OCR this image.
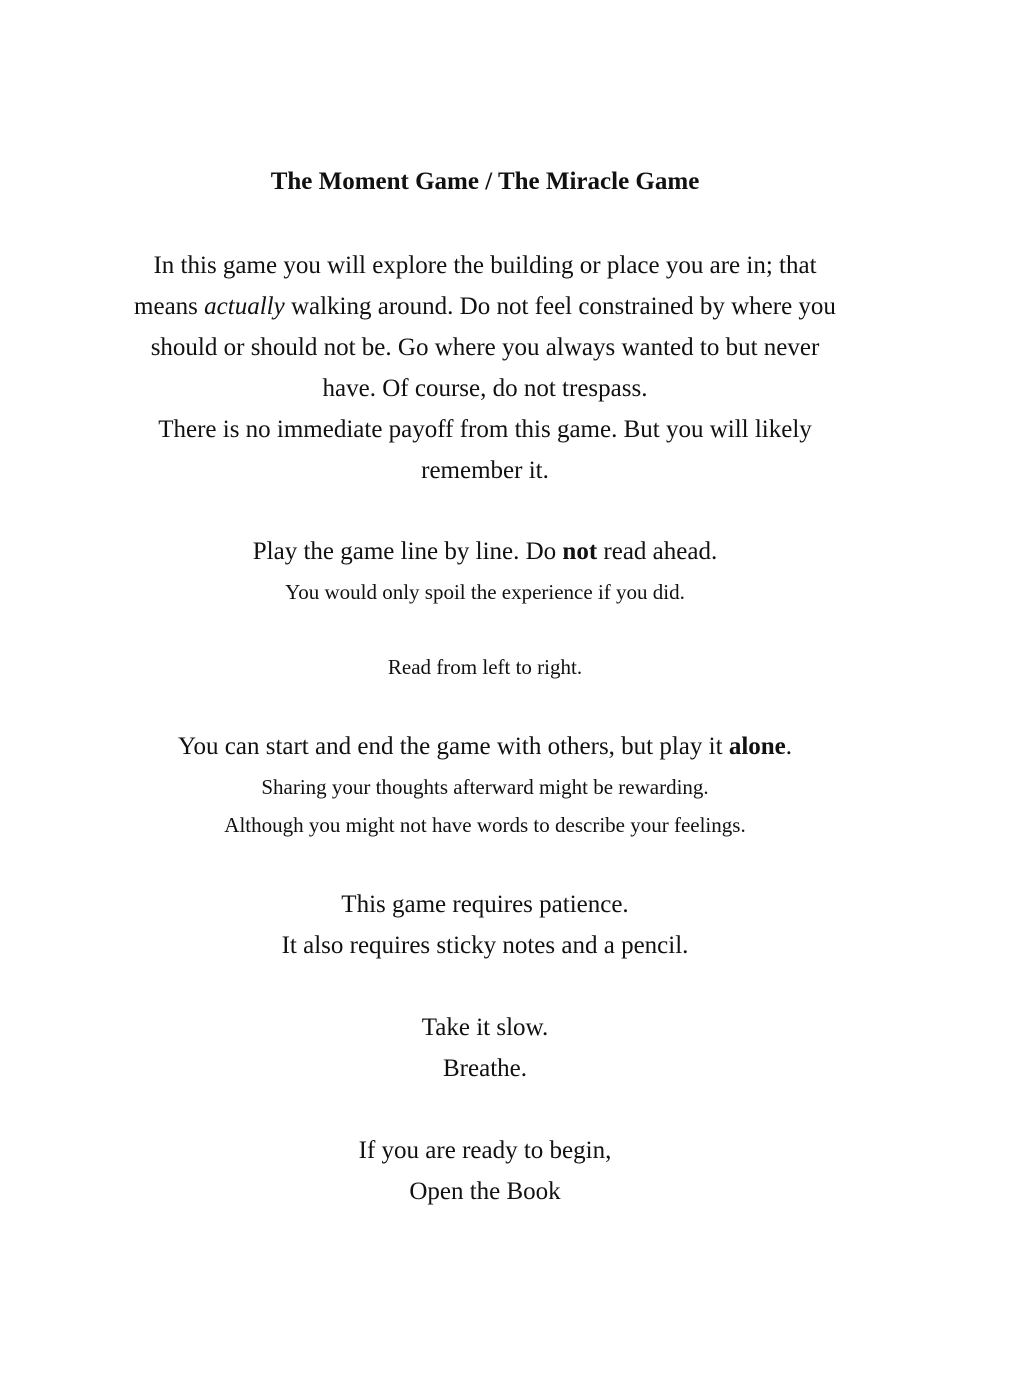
The Moment Game / The Miracle Game
In this game you will explore the building or place you are in; that
means actually walking around. Do not feel constrained by where you
should or should not be. Go where you always wanted to but never
have. Of course, do not trespass.
There is no immediate payoff from this game. But you will likely
remember it.
Play the game line by line. Do not read ahead.
You would only spoil the experience if you did.
Read from left to right.
You can start and end the game with others, but play it alone.
Sharing your thoughts afterward might be rewarding.
Although you might not have words to describe your feelings.
This game requires patience.
It also requires sticky notes and a pencil.
Take it slow.
Breathe.
If you are ready to begin,
Open the Book
